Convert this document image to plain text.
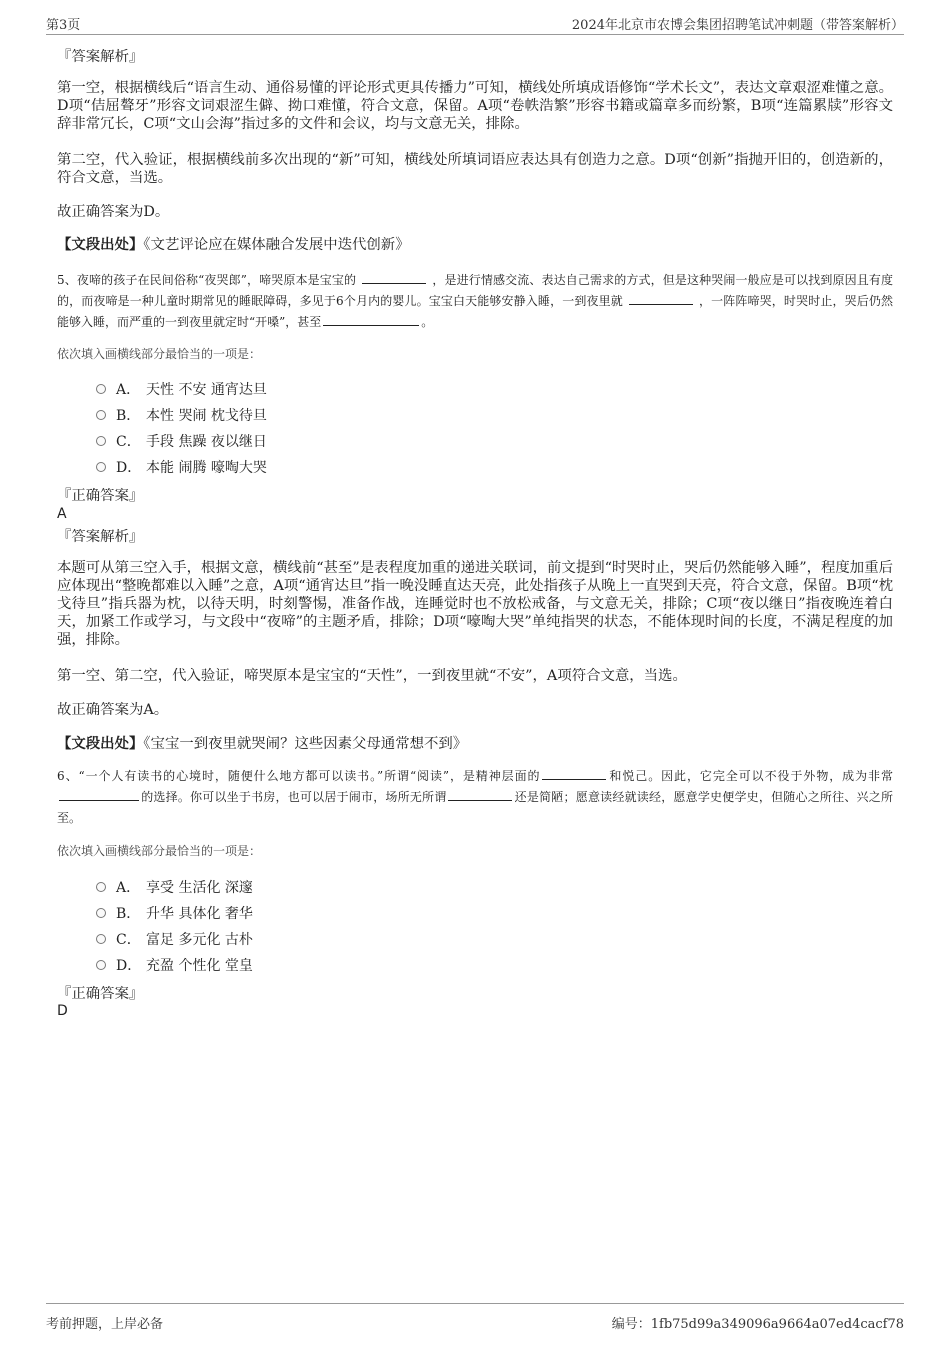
第3页	2024年北京市农博会集团招聘笔试冲刺题（带答案解析）
『答案解析』
第一空，根据横线后“语言生动、通俗易懂的评论形式更具传播力”可知，横线处所填成语修饰“学术长文”，表达文章艰涩难懂之意。D项“佶屈聱牙”形容文词艰涩生僻、拗口难懂，符合文意，保留。A项“卷帙浩繁”形容书籍或篇章多而纷繁，B项“连篇累牍”形容文辞非常冗长，C项“文山会海”指过多的文件和会议，均与文意无关，排除。
第二空，代入验证，根据横线前多次出现的“新”可知，横线处所填词语应表达具有创造力之意。D项“创新”指抛开旧的，创造新的，符合文意，当选。
故正确答案为D。
【文段出处】《文艺评论应在媒体融合发展中迭代创新》
5、夜啼的孩子在民间俗称“夜哭郎”，啼哭原本是宝宝的	，是进行情感交流、表达自己需求的方式，但是这种哭闹一般应是可以找到原因且有度的，而夜啼是一种儿童时期常见的睡眠障碍，多见于6个月内的婴儿。宝宝白天能够安静入睡，一到夜里就	，一阵阵啼哭，时哭时止，哭后仍然能够入睡，而严重的一到夜里就定时“开嗓”，甚至	。
依次填入画横线部分最恰当的一项是：
A． 天性 不安 通宵达旦
B． 本性 哭闹 枕戈待旦
C． 手段 焦躁 夜以继日
D． 本能 闹腾 嚎啕大哭
『正确答案』
A
『答案解析』
本题可从第三空入手，根据文意，横线前“甚至”是表程度加重的递进关联词，前文提到“时哭时止，哭后仍然能够入睡”，程度加重后应体现出“整晚都难以入睡”之意，A项“通宵达旦”指一晚没睡直达天亮，此处指孩子从晚上一直哭到天亮，符合文意，保留。B项“枕戈待旦”指兵器为枕，以待天明，时刻警惕，准备作战，连睡觉时也不放松戒备，与文意无关，排除；C项“夜以继日”指夜晚连着白天，加紧工作或学习，与文段中“夜啼”的主题矛盾，排除；D项“嚎啕大哭”单纯指哭的状态，不能体现时间的长度，不满足程度的加强，排除。
第一空、第二空，代入验证，啼哭原本是宝宝的“天性”，一到夜里就“不安”，A项符合文意，当选。
故正确答案为A。
【文段出处】《宝宝一到夜里就哭闹？这些因素父母通常想不到》
6、“一个人有读书的心境时，随便什么地方都可以读书。”所谓“阅读”，是精神层面的	和悦己。因此，它完全可以不役于外物，成为非常的选择。你可以坐于书房，也可以居于闹市，场所无所谓	还是简陋；愿意读经就读经，愿意学史便学史，但随心之所往、兴之所至。
依次填入画横线部分最恰当的一项是：
A． 享受 生活化 深邃
B． 升华 具体化 奢华
C． 富足 多元化 古朴
D． 充盈 个性化 堂皇
『正确答案』
D
考前押题，上岸必备	编号：1fb75d99a349096a9664a07ed4cacf78
